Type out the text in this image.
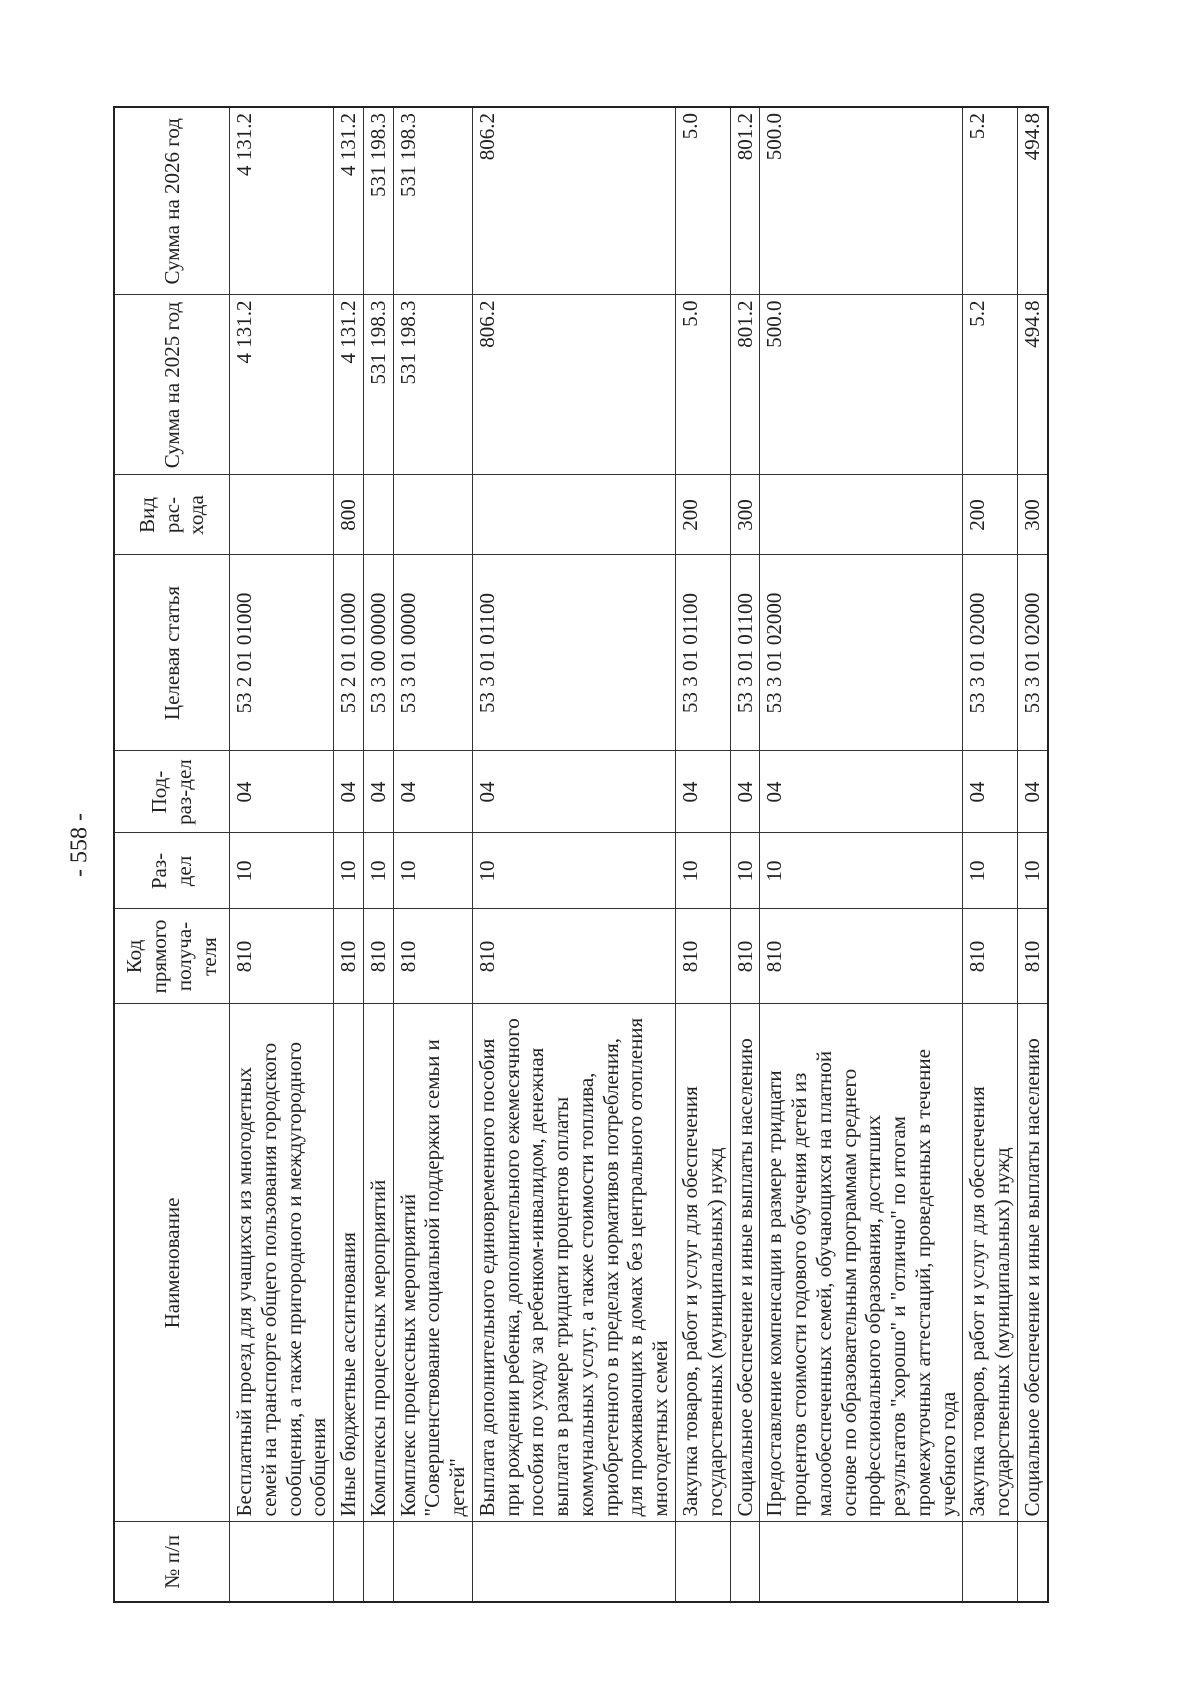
- 558 -
№ п/п	Наименование	Код прямого получа-теля	Раз-дел	Под-раз-дел	Целевая статья	Вид рас-хода	Сумма на 2025 год	Сумма на 2026 год
	Бесплатный проезд для учащихся из многодетных семей на транспорте общего пользования городского сообщения, а также пригородного и междугородного сообщения	810	10	04	53 2 01 01000		4 131.2	4 131.2
	Иные бюджетные ассигнования	810	10	04	53 2 01 01000	800	4 131.2	4 131.2
	Комплексы процессных мероприятий	810	10	04	53 3 00 00000		531 198.3	531 198.3
	Комплекс процессных мероприятий "Совершенствование социальной поддержки семьи и детей"	810	10	04	53 3 01 00000		531 198.3	531 198.3
	Выплата дополнительного единовременного пособия при рождении ребенка, дополнительного ежемесячного пособия по уходу за ребенком-инвалидом, денежная выплата в размере тридцати процентов оплаты коммунальных услуг, а также стоимости топлива, приобретенного в пределах нормативов потребления, для проживающих в домах без центрального отопления многодетных семей	810	10	04	53 3 01 01100		806.2	806.2
	Закупка товаров, работ и услуг для обеспечения государственных (муниципальных) нужд	810	10	04	53 3 01 01100	200	5.0	5.0
	Социальное обеспечение и иные выплаты населению	810	10	04	53 3 01 01100	300	801.2	801.2
	Предоставление компенсации в размере тридцати процентов стоимости годового обучения детей из малообеспеченных семей, обучающихся на платной основе по образовательным программам среднего профессионального образования, достигших результатов "хорошо" и "отлично" по итогам промежуточных аттестаций, проведенных в течение учебного года	810	10	04	53 3 01 02000		500.0	500.0
	Закупка товаров, работ и услуг для обеспечения государственных (муниципальных) нужд	810	10	04	53 3 01 02000	200	5.2	5.2
	Социальное обеспечение и иные выплаты населению	810	10	04	53 3 01 02000	300	494.8	494.8
